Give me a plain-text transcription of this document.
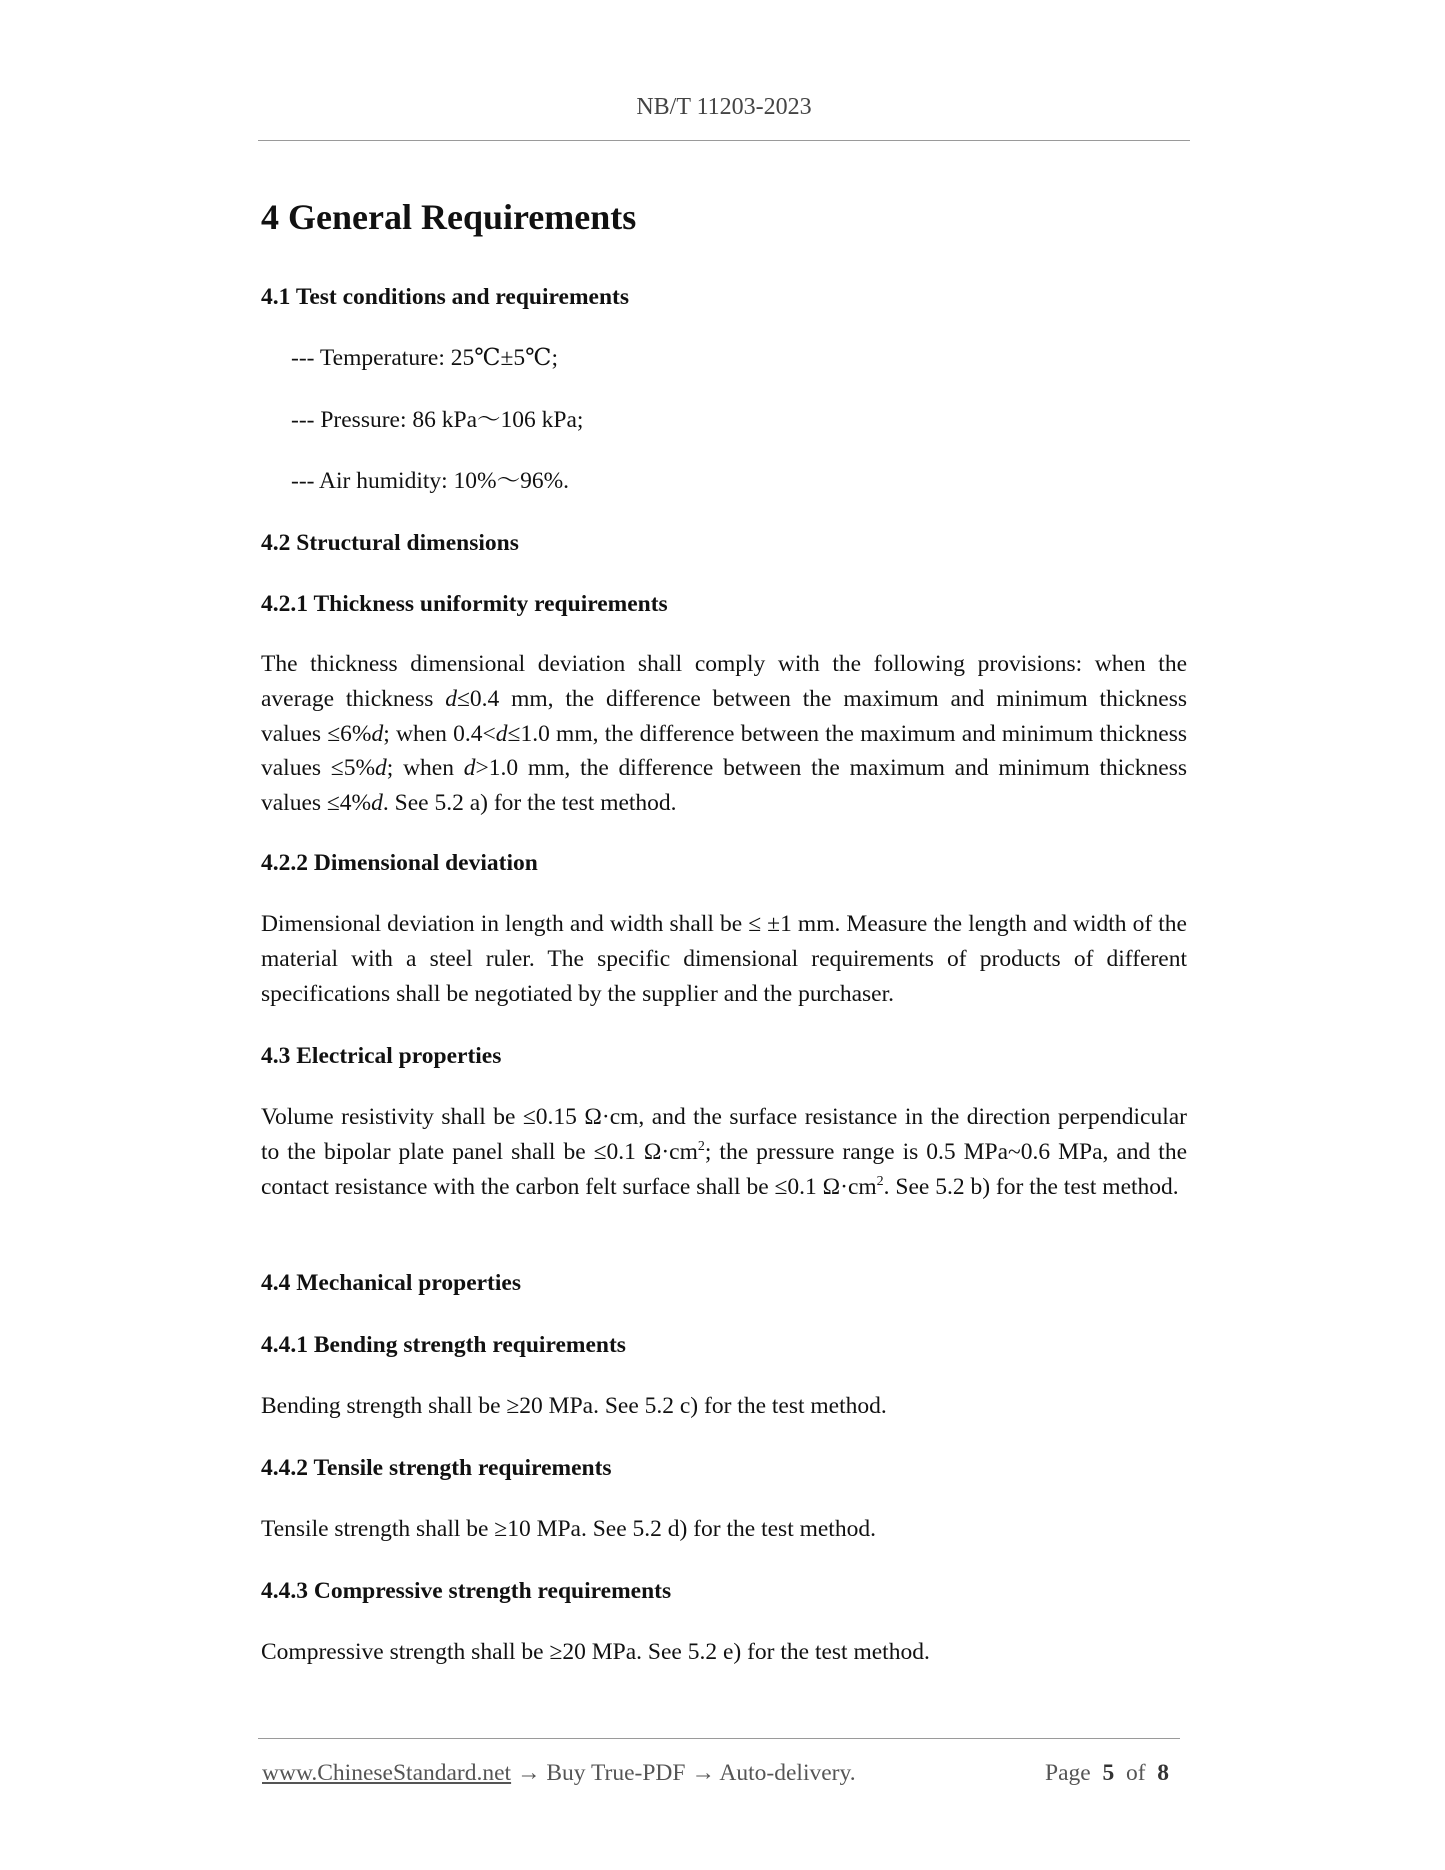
NB/T 11203-2023
4 General Requirements
4.1 Test conditions and requirements
--- Temperature: 25℃±5℃;
--- Pressure: 86 kPa～106 kPa;
--- Air humidity: 10%～96%.
4.2 Structural dimensions
4.2.1 Thickness uniformity requirements

The thickness dimensional deviation shall comply with the following provisions: when the average thickness d≤0.4 mm, the difference between the maximum and minimum thickness values ≤6%d; when 0.4<d≤1.0 mm, the difference between the maximum and minimum thickness values ≤5%d; when d>1.0 mm, the difference between the maximum and minimum thickness values ≤4%d. See 5.2 a) for the test method.

4.2.2 Dimensional deviation

Dimensional deviation in length and width shall be ≤ ±1 mm. Measure the length and width of the material with a steel ruler. The specific dimensional requirements of products of different specifications shall be negotiated by the supplier and the purchaser.

4.3 Electrical properties

Volume resistivity shall be ≤0.15 Ω·cm, and the surface resistance in the direction perpendicular to the bipolar plate panel shall be ≤0.1 $\Omega\cdot cm^2$; the pressure range is 0.5 MPa~0.6 MPa, and the contact resistance with the carbon felt surface shall be ≤0.1 $\Omega\cdot cm^2$. See 5.2 b) for the test method.

4.4 Mechanical properties
4.4.1 Bending strength requirements

Bending strength shall be ≥20 MPa. See 5.2 c) for the test method.

4.4.2 Tensile strength requirements

Tensile strength shall be ≥10 MPa. See 5.2 d) for the test method.

4.4.3 Compressive strength requirements

Compressive strength shall be ≥20 MPa. See 5.2 e) for the test method.

www.ChineseStandard.net → Buy True-PDF → Auto-delivery.	Page 5 of 8
